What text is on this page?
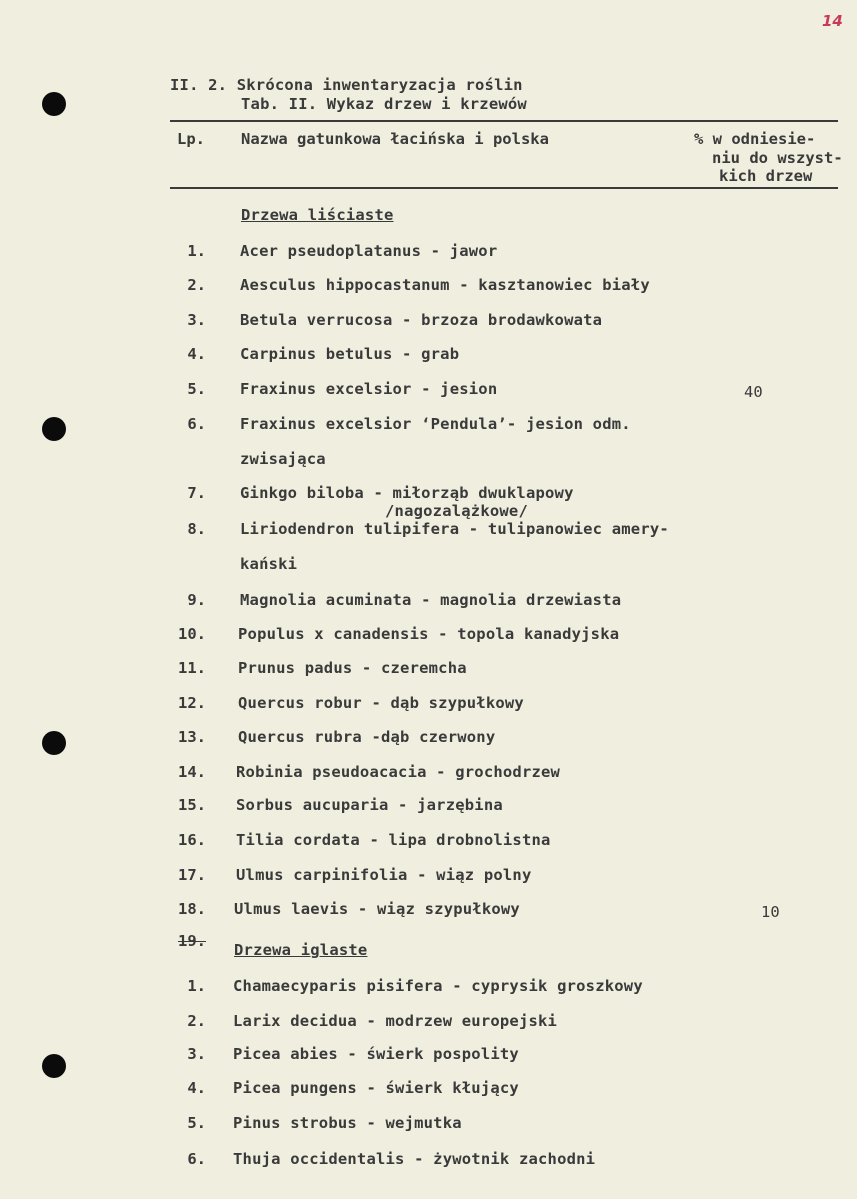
14
II. 2. Skrócona inwentaryzacja roślin
Tab. II. Wykaz drzew i krzewów
Lp. Nazwa gatunkowa łacińska i polska	% w odniesie-
niu do wszyst-
kich drzew
Drzewa liściaste
1. Acer pseudoplatanus - jawor
2. Aesculus hippocastanum - kasztanowiec biały
3. Betula verrucosa - brzoza brodawkowata
4. Carpinus betulus - grab
5. Fraxinus excelsior - jesion	40
6. Fraxinus excelsior ‘Pendula’- jesion odm.
zwisająca
7. Ginkgo biloba - miłorząb dwuklapowy
/nagozalążkowe/
8. Liriodendron tulipifera - tulipanowiec amery-
kański
9. Magnolia acuminata - magnolia drzewiasta
10. Populus x canadensis - topola kanadyjska
11. Prunus padus - czeremcha
12. Quercus robur - dąb szypułkowy
13. Quercus rubra -dąb czerwony
14. Robinia pseudoacacia - grochodrzew
15. Sorbus aucuparia - jarzębina
16. Tilia cordata - lipa drobnolistna
17. Ulmus carpinifolia - wiąz polny
18. Ulmus laevis - wiąz szypułkowy	10
19. Drzewa iglaste
1. Chamaecyparis pisifera - cyprysik groszkowy
2. Larix decidua - modrzew europejski
3. Picea abies - świerk pospolity
4. Picea pungens - świerk kłujący
5. Pinus strobus - wejmutka
6. Thuja occidentalis - żywotnik zachodni
